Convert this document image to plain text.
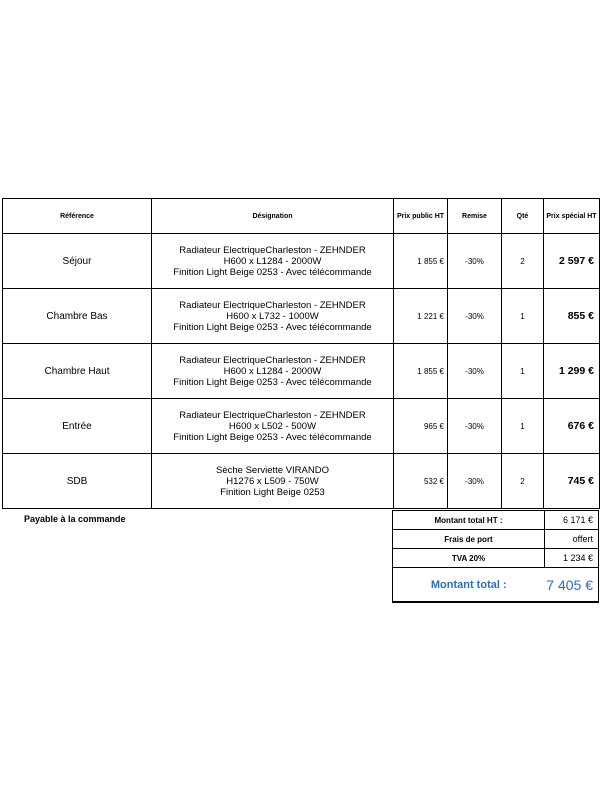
Référence	Désignation	Prix public HT	Remise	Qté	Prix spécial HT
Séjour	Radiateur ElectriqueCharleston - ZEHNDER
H600 x L1284 - 2000W
Finition Light Beige 0253 - Avec télécommande	1 855 €	-30%	2	2 597 €
Chambre Bas	Radiateur ElectriqueCharleston - ZEHNDER
H600 x L732 - 1000W
Finition Light Beige 0253 - Avec télécommande	1 221 €	-30%	1	855 €
Chambre Haut	Radiateur ElectriqueCharleston - ZEHNDER
H600 x L1284 - 2000W
Finition Light Beige 0253 - Avec télécommande	1 855 €	-30%	1	1 299 €
Entrée	Radiateur ElectriqueCharleston - ZEHNDER
H600 x L502 - 500W
Finition Light Beige 0253 - Avec télécommande	965 €	-30%	1	676 €
SDB	Sèche Serviette VIRANDO
H1276 x L509 - 750W
Finition Light Beige 0253	532 €	-30%	2	745 €
Payable à la commande	Montant total HT :	6 171 €
Frais de port	offert
TVA 20%	1 234 €
Montant total :	7 405 €
